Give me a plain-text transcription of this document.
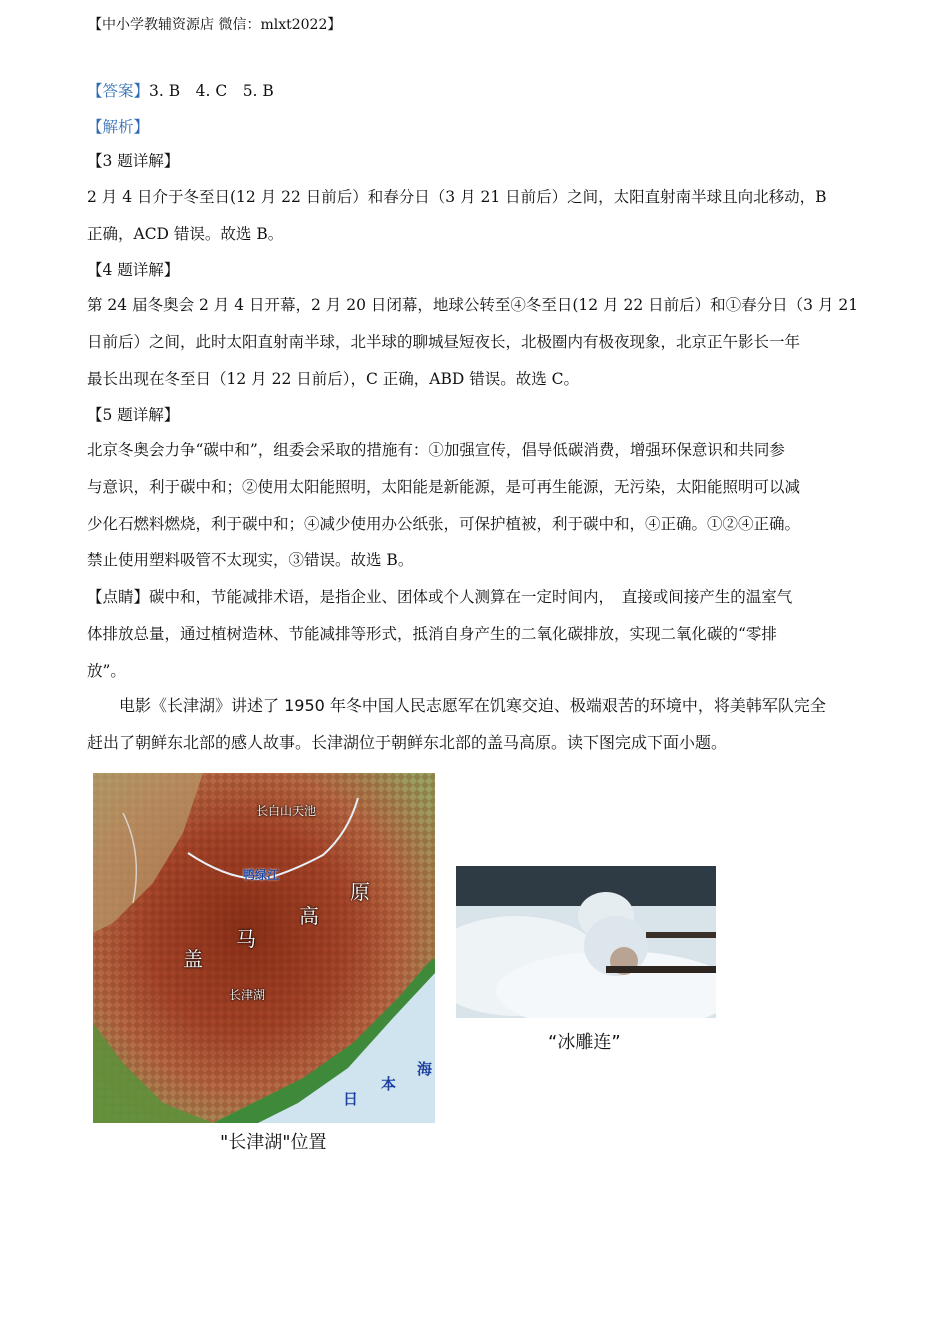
【中小学教辅资源店 微信：mlxt2022】
【答案】3. B　4. C　5. B
【解析】
【3 题详解】
2 月 4 日介于冬至日(12 月 22 日前后）和春分日（3 月 21 日前后）之间，太阳直射南半球且向北移动，B
正确，ACD 错误。故选 B。
【4 题详解】
第 24 届冬奥会 2 月 4 日开幕，2 月 20 日闭幕，地球公转至④冬至日(12 月 22 日前后）和①春分日（3 月 21
日前后）之间，此时太阳直射南半球，北半球的聊城昼短夜长，北极圈内有极夜现象，北京正午影长一年
最长出现在冬至日（12 月 22 日前后），C 正确，ABD 错误。故选 C。
【5 题详解】
北京冬奥会力争“碳中和”，组委会采取的措施有：①加强宣传，倡导低碳消费，增强环保意识和共同参
与意识，利于碳中和；②使用太阳能照明，太阳能是新能源，是可再生能源，无污染，太阳能照明可以减
少化石燃料燃烧，利于碳中和；④减少使用办公纸张，可保护植被，利于碳中和，④正确。①②④正确。
禁止使用塑料吸管不太现实，③错误。故选 B。
【点睛】碳中和，节能减排术语，是指企业、团体或个人测算在一定时间内，　直接或间接产生的温室气
体排放总量，通过植树造林、节能减排等形式，抵消自身产生的二氧化碳排放，实现二氧化碳的“零排
放”。
电影《长津湖》讲述了 1950 年冬中国人民志愿军在饥寒交迫、极端艰苦的环境中，将美韩军队完全
赶出了朝鲜东北部的感人故事。长津湖位于朝鲜东北部的盖马高原。读下图完成下面小题。
长白山天池
鸭绿江
盖
马
高
原
长津湖
日
本
海
"长津湖"位置
“冰雕连”
